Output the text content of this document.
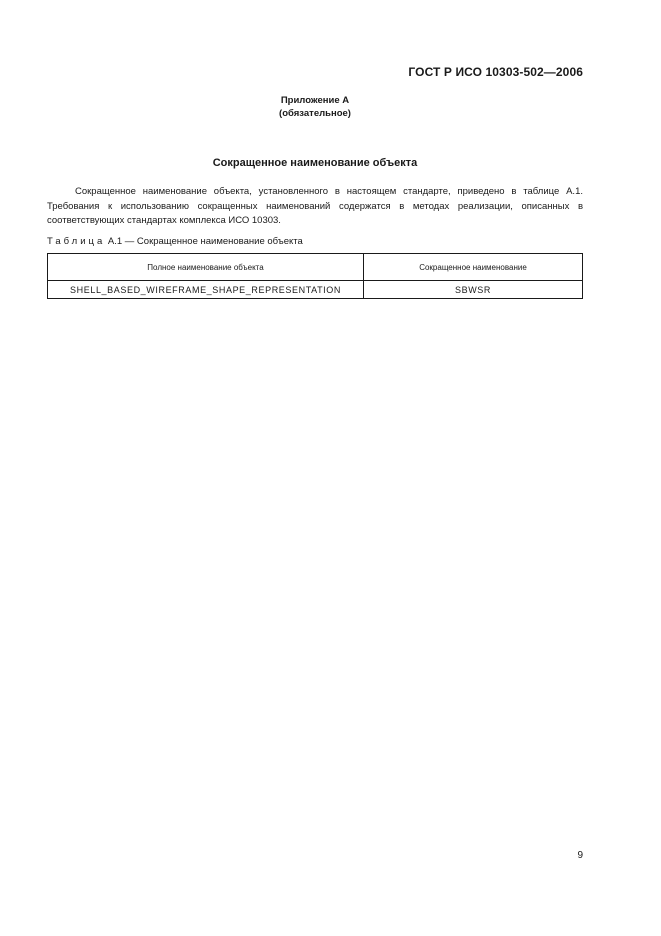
ГОСТ Р ИСО 10303-502—2006
Приложение А
(обязательное)
Сокращенное наименование объекта
Сокращенное наименование объекта, установленного в настоящем стандарте, приведено в таблице А.1. Требования к использованию сокращенных наименований содержатся в методах реализации, описанных в соответствующих стандартах комплекса ИСО 10303.
Таблица А.1 — Сокращенное наименование объекта
Полное наименование объекта	Сокращенное наименование
SHELL_BASED_WIREFRAME_SHAPE_REPRESENTATION	SBWSR
9
